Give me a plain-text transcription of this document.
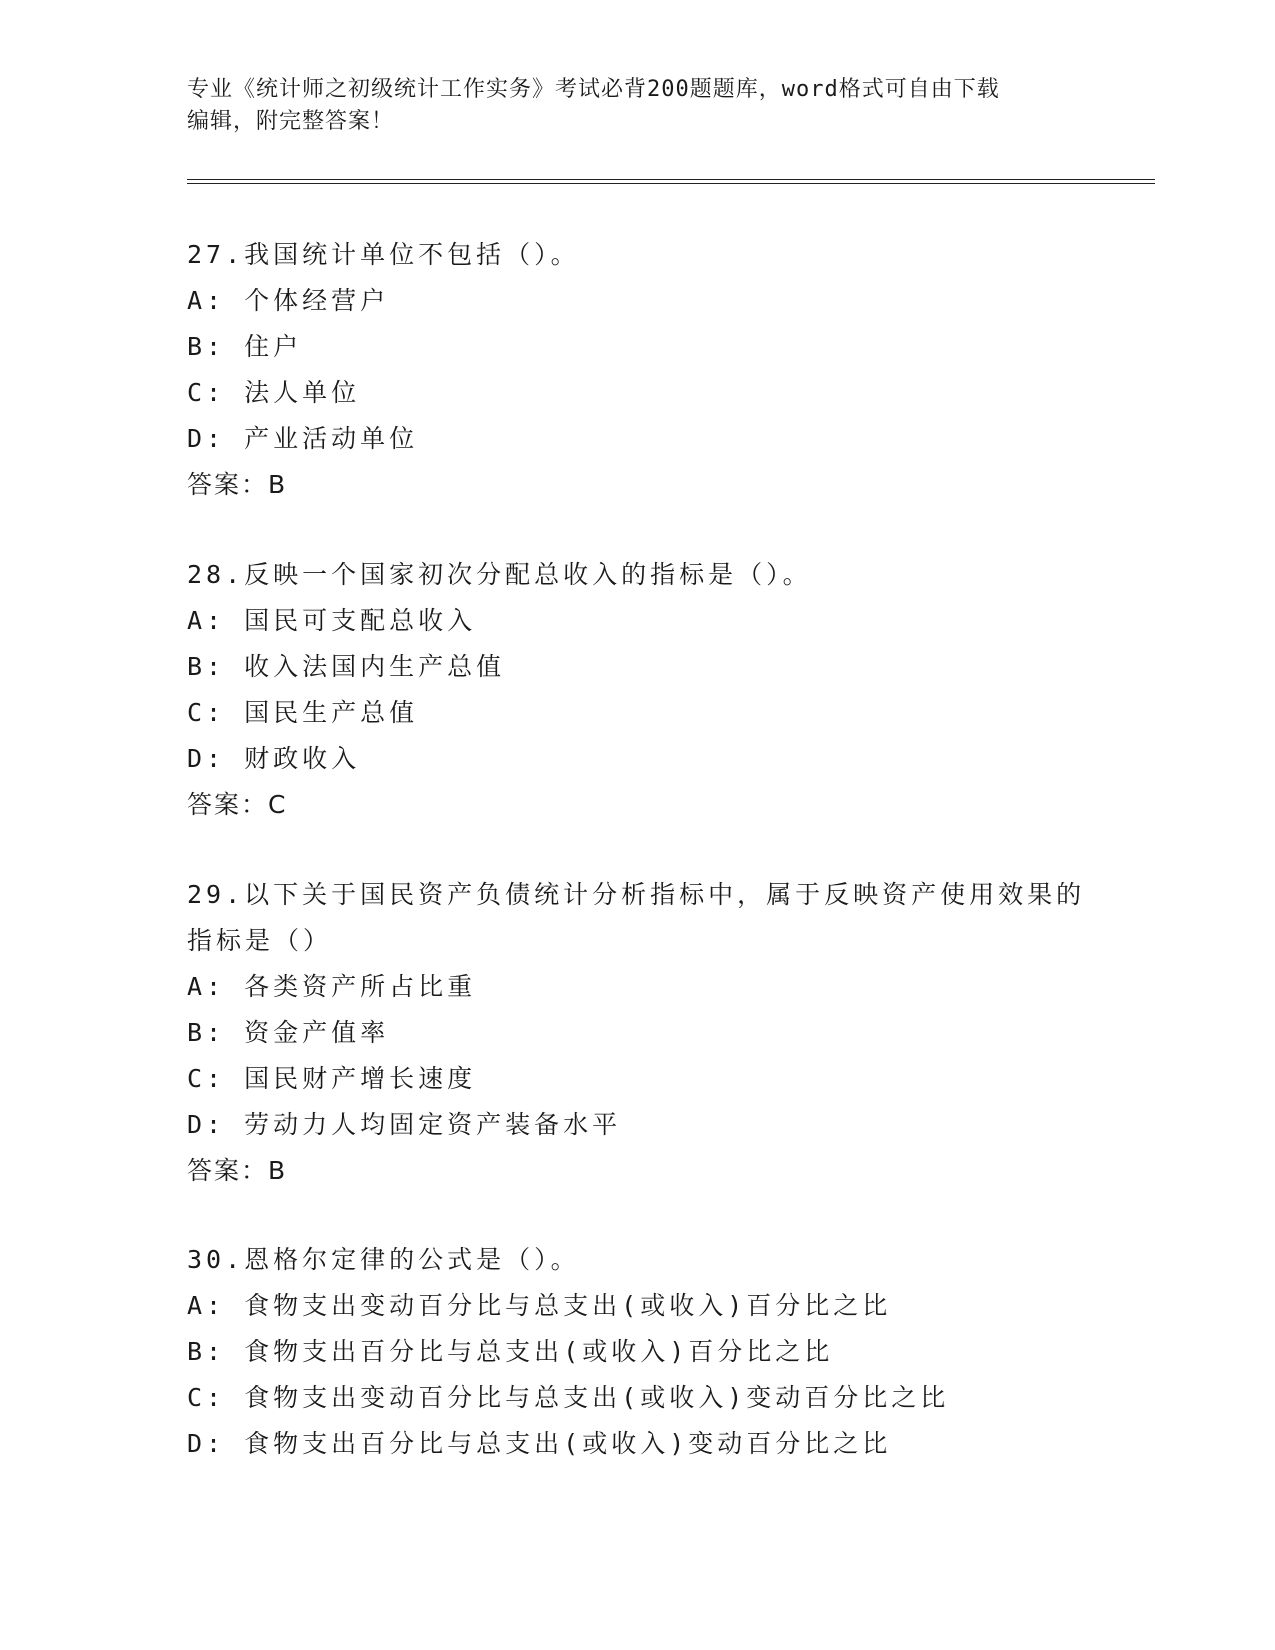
专业《统计师之初级统计工作实务》考试必背200题题库，word格式可自由下载
编辑，附完整答案！
27.我国统计单位不包括（）。
A: 个体经营户
B: 住户
C: 法人单位
D: 产业活动单位
答案：B
28.反映一个国家初次分配总收入的指标是（）。
A: 国民可支配总收入
B: 收入法国内生产总值
C: 国民生产总值
D: 财政收入
答案：C
29.以下关于国民资产负债统计分析指标中，属于反映资产使用效果的
指标是（）
A: 各类资产所占比重
B: 资金产值率
C: 国民财产增长速度
D: 劳动力人均固定资产装备水平
答案：B
30.恩格尔定律的公式是（）。
A: 食物支出变动百分比与总支出(或收入)百分比之比
B: 食物支出百分比与总支出(或收入)百分比之比
C: 食物支出变动百分比与总支出(或收入)变动百分比之比
D: 食物支出百分比与总支出(或收入)变动百分比之比
